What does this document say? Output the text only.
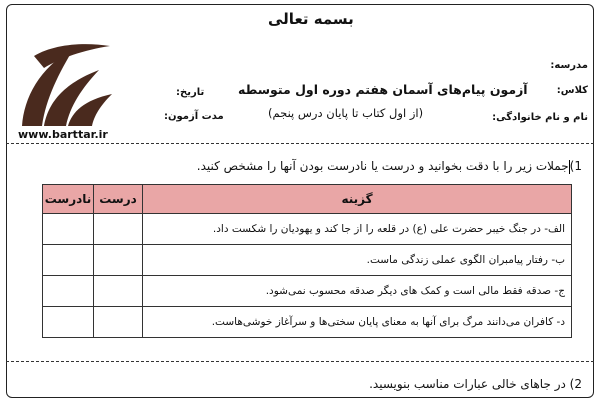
www.barttar.ir
بسمه تعالی
مدرسه:
کلاس:
نام و نام خانوادگی:
آزمون پیام‌های آسمان هفتم دوره اول متوسطه
(از اول کتاب تا پایان درس پنجم)
تاریخ:
مدت آزمون:
1)جملات زیر را با دقت بخوانید و درست یا نادرست بودن آنها را مشخص کنید.
گزینه	درست	نادرست
الف- در جنگ خیبر حضرت علی (ع) در قلعه را از جا کند و یهودیان را شکست داد.		
ب- رفتار پیامبران الگوی عملی زندگی ماست.		
ج- صدقه فقط مالی است و کمک های دیگر صدقه محسوب نمی‌شود.		
د- کافران می‌دانند مرگ برای آنها به معنای پایان سختی‌ها و سرآغاز خوشی‌هاست.		
2) در جاهای خالی عبارات مناسب بنویسید.
